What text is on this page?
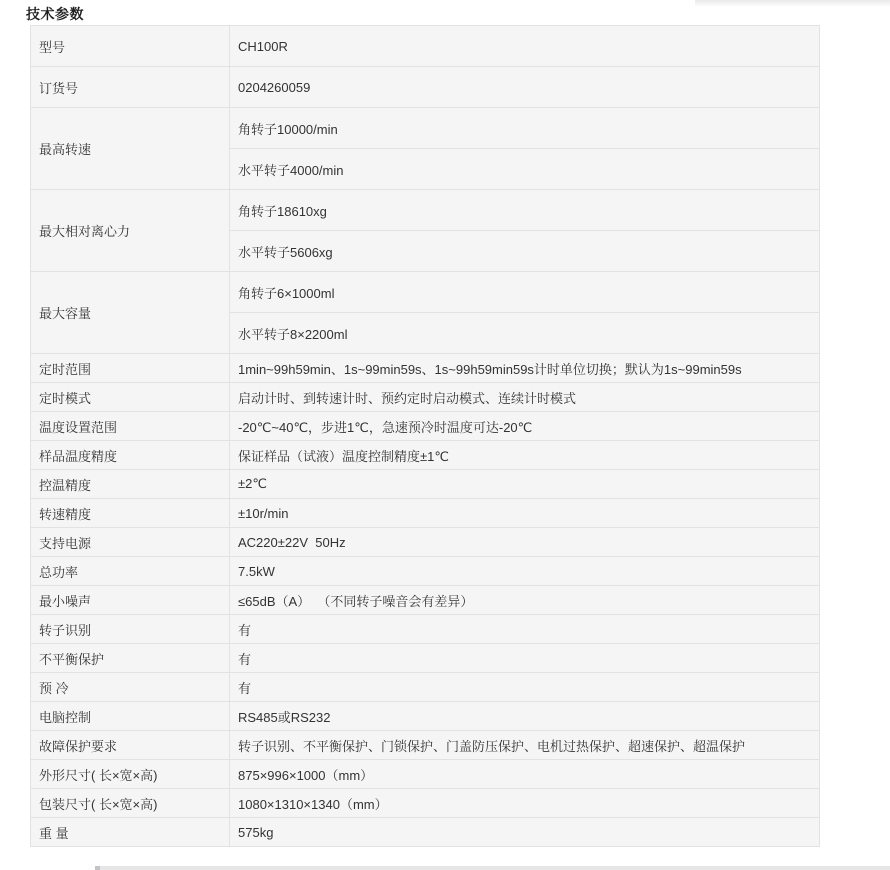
技术参数
型号	CH100R
订货号	0204260059
最高转速	角转子10000/min
	水平转子4000/min
最大相对离心力	角转子18610xg
	水平转子5606xg
最大容量	角转子6×1000ml
	水平转子8×2200ml
定时范围	1min~99h59min、1s~99min59s、1s~99h59min59s计时单位切换；默认为1s~99min59s
定时模式	启动计时、到转速计时、预约定时启动模式、连续计时模式
温度设置范围	-20℃~40℃，步进1℃，急速预冷时温度可达-20℃
样品温度精度	保证样品（试液）温度控制精度±1℃
控温精度	±2℃
转速精度	±10r/min
支持电源	AC220±22V  50Hz
总功率	7.5kW
最小噪声	≤65dB（A）  （不同转子噪音会有差异）
转子识别	有
不平衡保护	有
预 冷	有
电脑控制	RS485或RS232
故障保护要求	转子识别、不平衡保护、门锁保护、门盖防压保护、电机过热保护、超速保护、超温保护
外形尺寸( 长×宽×高)	875×996×1000（mm）
包装尺寸( 长×宽×高)	1080×1310×1340（mm）
重 量	575kg
